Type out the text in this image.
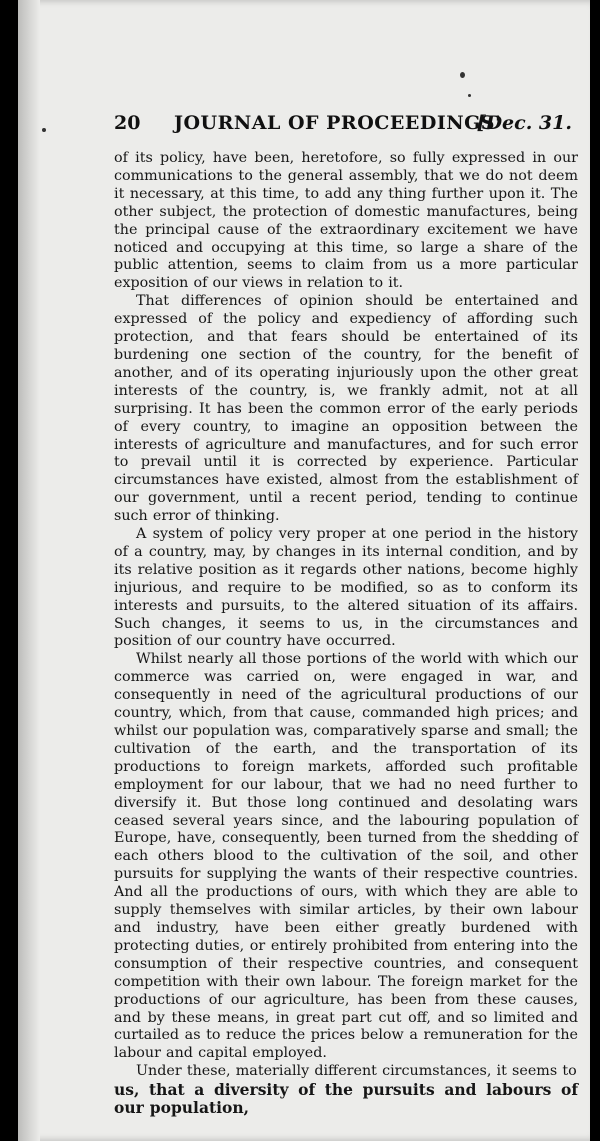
20 JOURNAL OF PROCEEDINGS'
[Dec. 31.

of its policy, have been, heretofore, so fully expressed in our communications to the general assembly, that we do not deem it necessary, at this time, to add any thing further upon it. The other subject, the protection of domestic manufactures, being the principal cause of the extraordinary excitement we have noticed and occupying at this time, so large a share of the public attention, seems to claim from us a more particular exposition of our views in relation to it.

That differences of opinion should be entertained and expressed of the policy and expediency of affording such protection, and that fears should be entertained of its burdening one section of the country, for the benefit of another, and of its operating injuriously upon the other great interests of the country, is, we frankly admit, not at all surprising. It has been the common error of the early periods of every country, to imagine an opposition between the interests of agriculture and manufactures, and for such error to prevail until it is corrected by experience. Particular circumstances have existed, almost from the establishment of our government, until a recent period, tending to continue such error of thinking.

A system of policy very proper at one period in the history of a country, may, by changes in its internal condition, and by its relative position as it regards other nations, become highly injurious, and require to be modified, so as to conform its interests and pursuits, to the altered situation of its affairs. Such changes, it seems to us, in the circumstances and position of our country have occurred.

Whilst nearly all those portions of the world with which our commerce was carried on, were engaged in war, and consequently in need of the agricultural productions of our country, which, from that cause, commanded high prices; and whilst our population was, comparatively sparse and small; the cultivation of the earth, and the transportation of its productions to foreign markets, afforded such profitable employment for our labour, that we had no need further to diversify it. But those long continued and desolating wars ceased several years since, and the labouring population of Europe, have, consequently, been turned from the shedding of each others blood to the cultivation of the soil, and other pursuits for supplying the wants of their respective countries. And all the productions of ours, with which they are able to supply themselves with similar articles, by their own labour and industry, have been either greatly burdened with protecting duties, or entirely prohibited from entering into the consumption of their respective countries, and consequent competition with their own labour. The foreign market for the productions of our agriculture, has been from these causes, and by these means, in great part cut off, and so limited and curtailed as to reduce the prices below a remuneration for the labour and capital employed.

Under these, materially different circumstances, it seems to

us, that a diversity of the pursuits and labours of our population,
